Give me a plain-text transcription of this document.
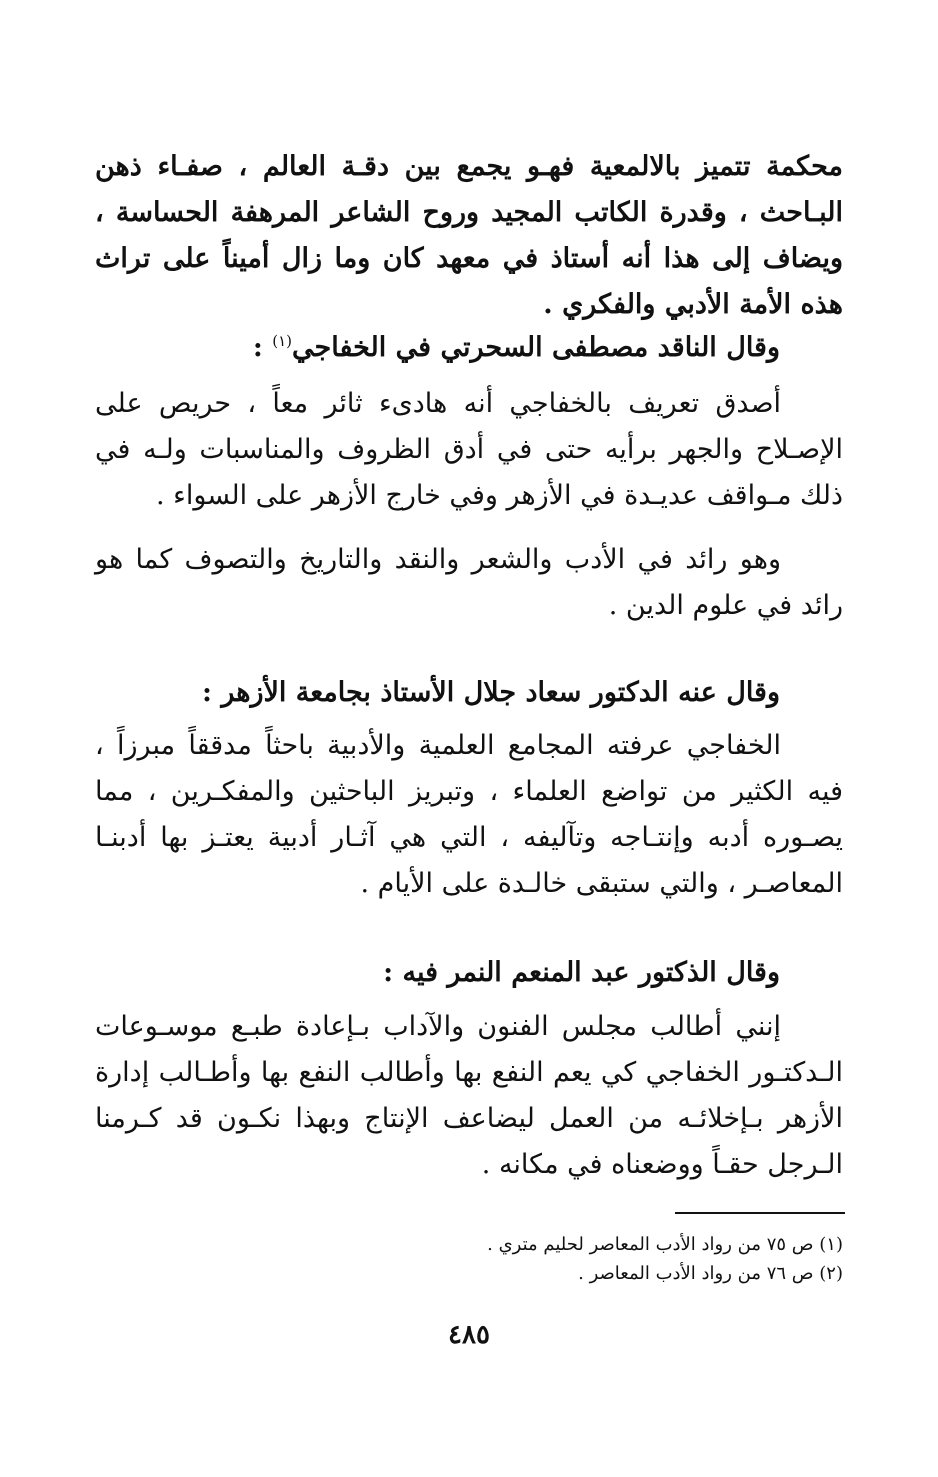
محكمة تتميز بالالمعية فهـو يجمع بين دقـة العالم ، صفـاء ذهن البـاحث ، وقدرة الكاتب المجيد وروح الشاعر المرهفة الحساسة ، ويضاف إلى هذا أنه أستاذ في معهد كان وما زال أميناً على تراث هذه الأمة الأدبي والفكري .
وقال الناقد مصطفى السحرتي في الخفاجي$^{(١)}$ :
أصدق تعريف بالخفاجي أنه هادىء ثائر معاً ، حريص على الإصـلاح والجهر برأيه حتى في أدق الظروف والمناسبات ولـه في ذلك مـواقف عديـدة في الأزهر وفي خارج الأزهر على السواء .
وهو رائد في الأدب والشعر والنقد والتاريخ والتصوف كما هو رائد في علوم الدين .
وقال عنه الدكتور سعاد جلال الأستاذ بجامعة الأزهر :
الخفاجي عرفته المجامع العلمية والأدبية باحثاً مدققاً مبرزاً ، فيه الكثير من تواضع العلماء ، وتبريز الباحثين والمفكـرين ، مما يصـوره أدبه وإنتـاجه وتآليفه ، التي هي آثـار أدبية يعتـز بها أدبنـا المعاصـر ، والتي ستبقى خالـدة على الأيام .
وقال الذكتور عبد المنعم النمر فيه :
إنني أطالب مجلس الفنون والآداب بـإعادة طبـع موسـوعات الـدكتـور الخفاجي كي يعم النفع بها وأطالب النفع بها وأطـالب إدارة الأزهر بـإخلائـه من العمل ليضاعف الإنتاج وبهذا نكـون قد كـرمنا الـرجل حقـاً ووضعناه في مكانه .
(١) ص ٧٥ من رواد الأدب المعاصر لحليم متري .
(٢) ص ٧٦ من رواد الأدب المعاصر .
٤٨٥
